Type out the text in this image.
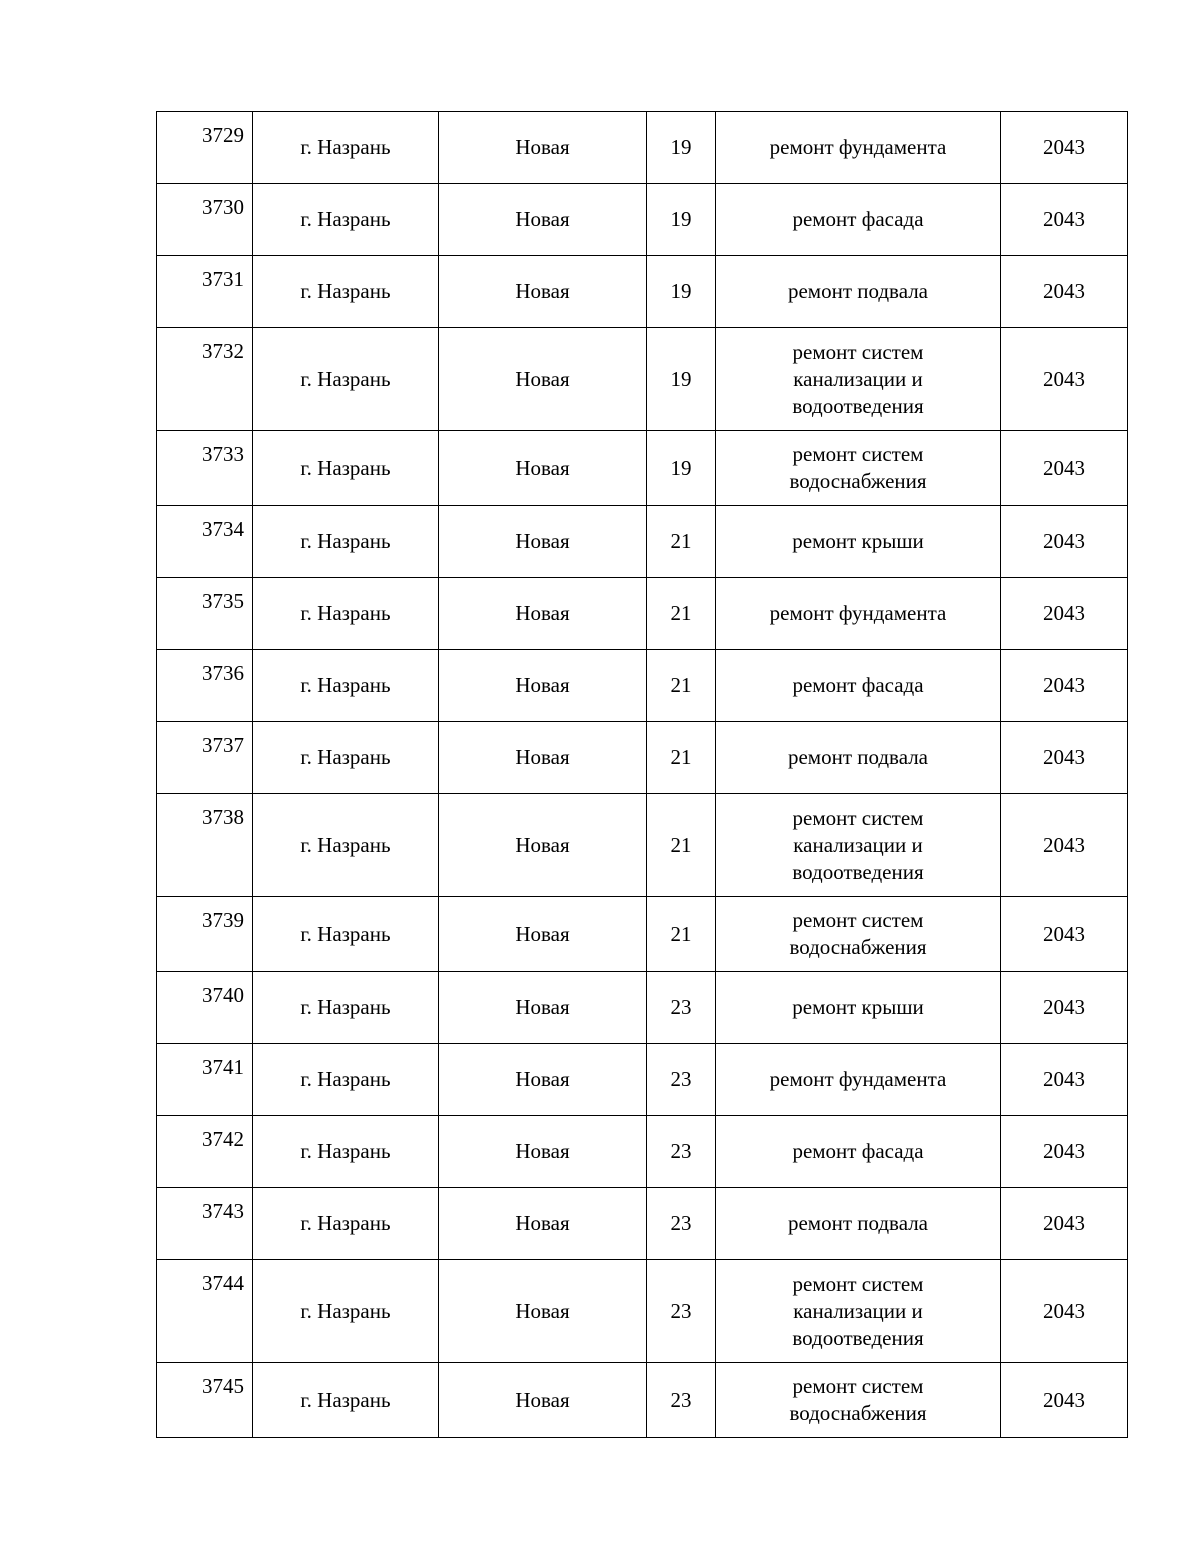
3729	г. Назрань	Новая	19	ремонт фундамента	2043
3730	г. Назрань	Новая	19	ремонт фасада	2043
3731	г. Назрань	Новая	19	ремонт подвала	2043
3732	г. Назрань	Новая	19	ремонт систем
канализации и
водоотведения	2043
3733	г. Назрань	Новая	19	ремонт систем
водоснабжения	2043
3734	г. Назрань	Новая	21	ремонт крыши	2043
3735	г. Назрань	Новая	21	ремонт фундамента	2043
3736	г. Назрань	Новая	21	ремонт фасада	2043
3737	г. Назрань	Новая	21	ремонт подвала	2043
3738	г. Назрань	Новая	21	ремонт систем
канализации и
водоотведения	2043
3739	г. Назрань	Новая	21	ремонт систем
водоснабжения	2043
3740	г. Назрань	Новая	23	ремонт крыши	2043
3741	г. Назрань	Новая	23	ремонт фундамента	2043
3742	г. Назрань	Новая	23	ремонт фасада	2043
3743	г. Назрань	Новая	23	ремонт подвала	2043
3744	г. Назрань	Новая	23	ремонт систем
канализации и
водоотведения	2043
3745	г. Назрань	Новая	23	ремонт систем
водоснабжения	2043
